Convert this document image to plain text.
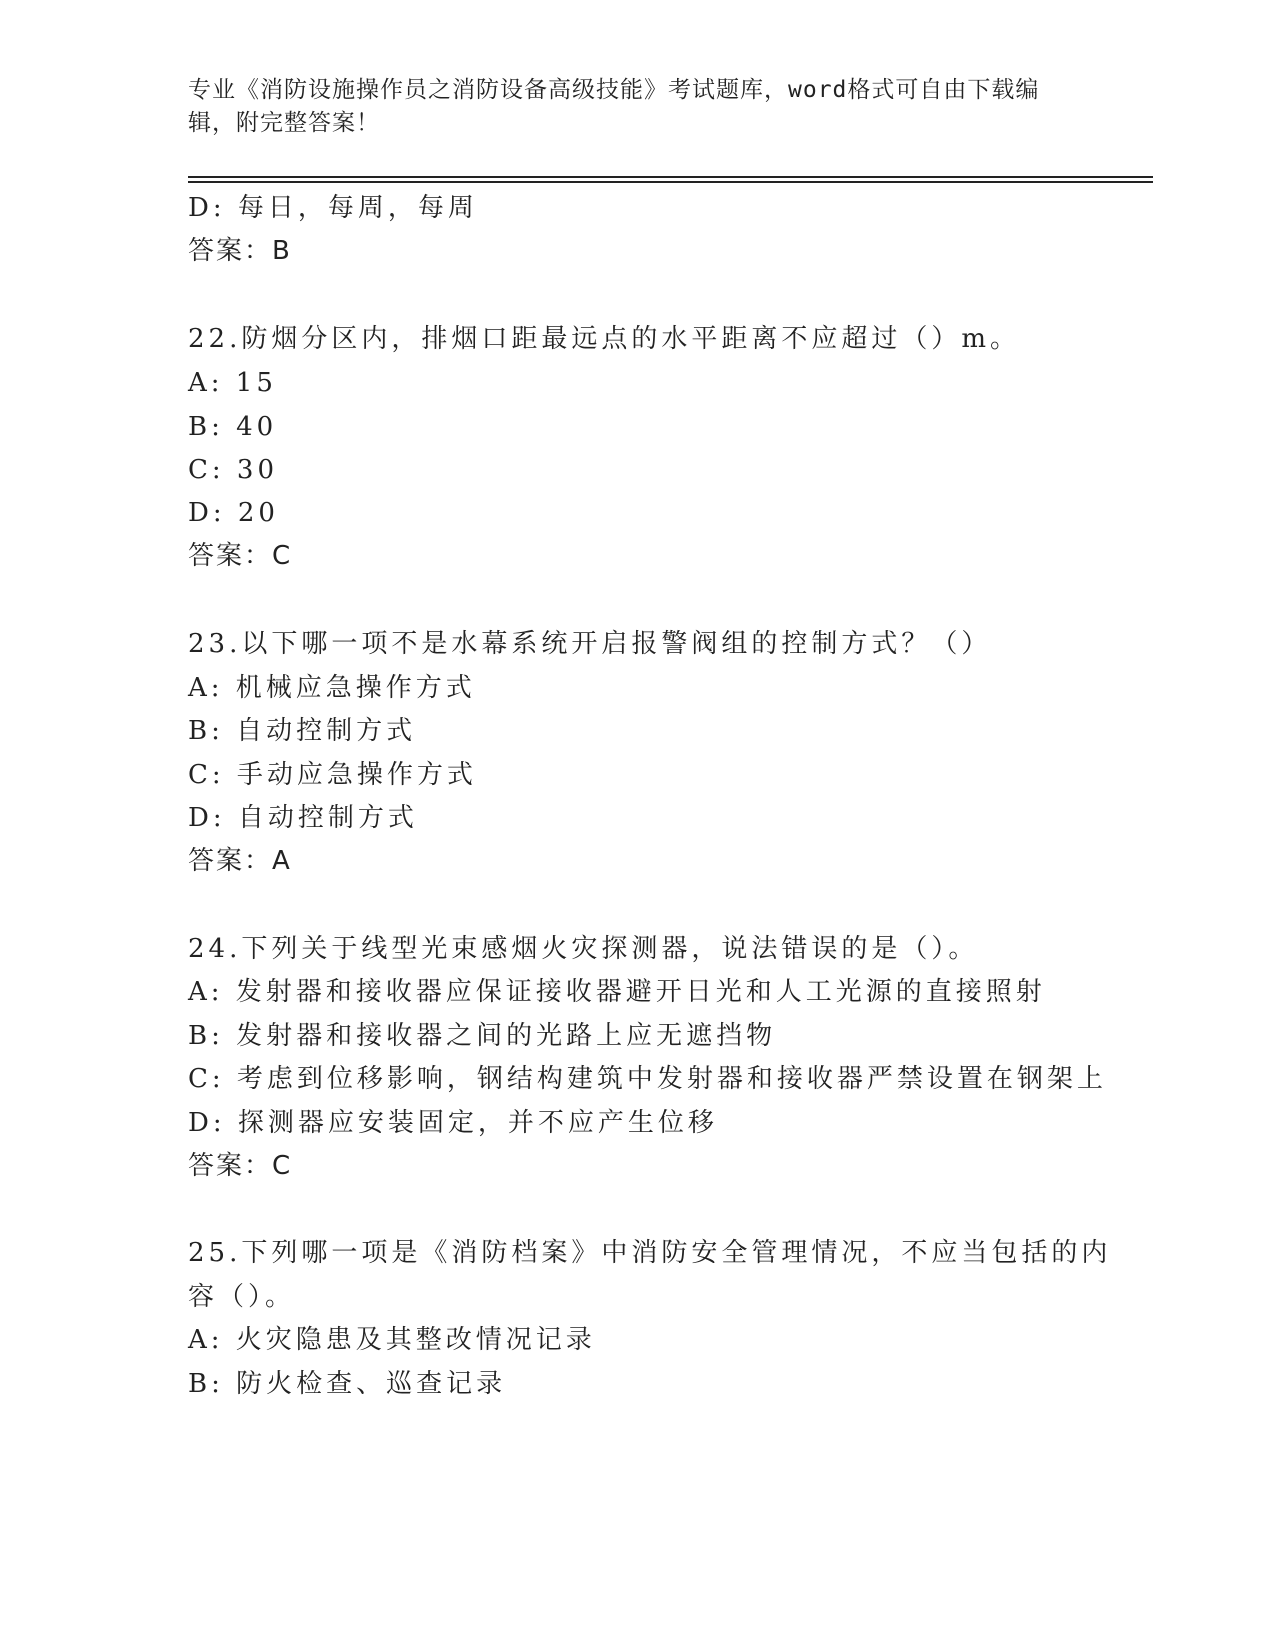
专业《消防设施操作员之消防设备高级技能》考试题库，word格式可自由下载编
辑，附完整答案！
D: 每日，每周，每周
答案：B
22.防烟分区内，排烟口距最远点的水平距离不应超过（）m。
A: 15
B: 40
C: 30
D: 20
答案：C
23.以下哪一项不是水幕系统开启报警阀组的控制方式？（）
A: 机械应急操作方式
B: 自动控制方式
C: 手动应急操作方式
D: 自动控制方式
答案：A
24.下列关于线型光束感烟火灾探测器，说法错误的是（）。
A: 发射器和接收器应保证接收器避开日光和人工光源的直接照射
B: 发射器和接收器之间的光路上应无遮挡物
C: 考虑到位移影响，钢结构建筑中发射器和接收器严禁设置在钢架上
D: 探测器应安装固定，并不应产生位移
答案：C
25.下列哪一项是《消防档案》中消防安全管理情况，不应当包括的内
容（）。
A: 火灾隐患及其整改情况记录
B: 防火检查、巡查记录
